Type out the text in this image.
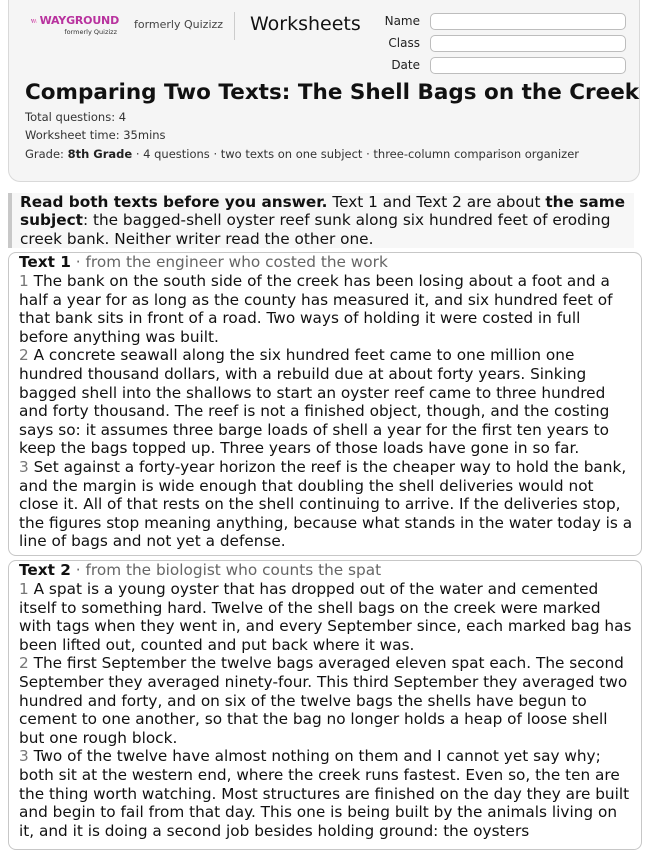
WAYGROUND
formerly Quizizz
formerly Quizizz Worksheets	Name
Class
Date
Comparing Two Texts: The Shell Bags on the Creek
Total questions: 4
Worksheet time: 35mins
Grade: 8th Grade · 4 questions · two texts on one subject · three-column comparison organizer
Read both texts before you answer. Text 1 and Text 2 are about the same subject: the bagged-shell oyster reef sunk along six hundred feet of eroding creek bank. Neither writer read the other one.
Text 1 · from the engineer who costed the work

1 The bank on the south side of the creek has been losing about a foot and a half a year for as long as the county has measured it, and six hundred feet of that bank sits in front of a road. Two ways of holding it were costed in full before anything was built.

2 A concrete seawall along the six hundred feet came to one million one hundred thousand dollars, with a rebuild due at about forty years. Sinking bagged shell into the shallows to start an oyster reef came to three hundred and forty thousand. The reef is not a finished object, though, and the costing says so: it assumes three barge loads of shell a year for the first ten years to keep the bags topped up. Three years of those loads have gone in so far.

3 Set against a forty-year horizon the reef is the cheaper way to hold the bank, and the margin is wide enough that doubling the shell deliveries would not close it. All of that rests on the shell continuing to arrive. If the deliveries stop, the figures stop meaning anything, because what stands in the water today is a line of bags and not yet a defense.

Text 2 · from the biologist who counts the spat

1 A spat is a young oyster that has dropped out of the water and cemented itself to something hard. Twelve of the shell bags on the creek were marked with tags when they went in, and every September since, each marked bag has been lifted out, counted and put back where it was.

2 The first September the twelve bags averaged eleven spat each. The second September they averaged ninety-four. This third September they averaged two hundred and forty, and on six of the twelve bags the shells have begun to cement to one another, so that the bag no longer holds a heap of loose shell but one rough block.

3 Two of the twelve have almost nothing on them and I cannot yet say why; both sit at the western end, where the creek runs fastest. Even so, the ten are the thing worth watching. Most structures are finished on the day they are built and begin to fail from that day. This one is being built by the animals living on it, and it is doing a second job besides holding ground: the oysters
